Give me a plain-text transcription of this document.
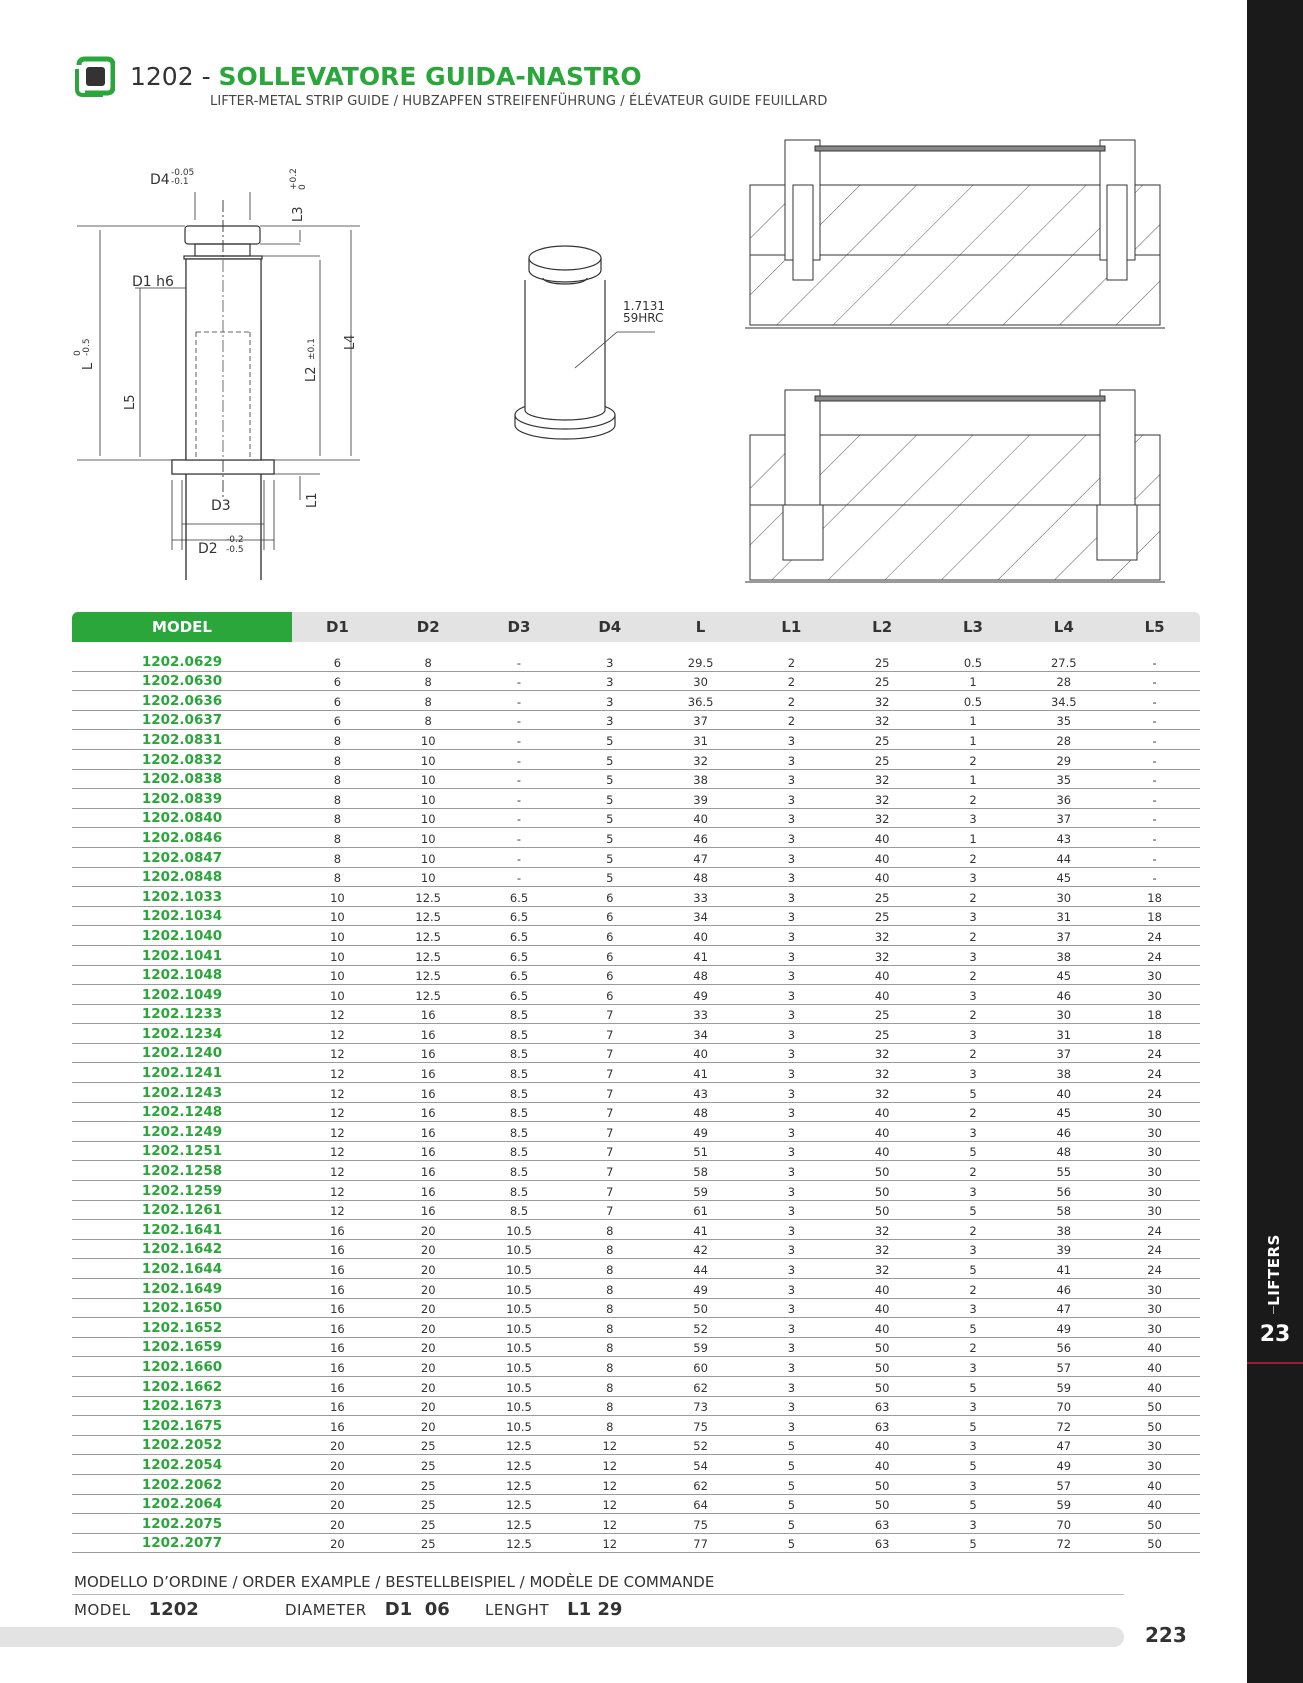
1202 - SOLLEVATORE GUIDA-NASTRO
LIFTER-METAL STRIP GUIDE / HUBZAPFEN STREIFENFÜHRUNG / ÉLÉVATEUR GUIDE FEUILLARD
D4 -0.05
-0.1
L3
+0.2 0
D1 h6
L
0 -0.5
L5
L2
±0.1 L4
L1
D3
D2
-0.2
-0.5
1.7131
59HRC
MODEL	D1	D2	D3	D4	L	L1	L2	L3	L4	L5
1202.0629	6	8	-	3	29.5	2	25	0.5	27.5	-
1202.0630	6	8	-	3	30	2	25	1	28	-
1202.0636	6	8	-	3	36.5	2	32	0.5	34.5	-
1202.0637	6	8	-	3	37	2	32	1	35	-
1202.0831	8	10	-	5	31	3	25	1	28	-
1202.0832	8	10	-	5	32	3	25	2	29	-
1202.0838	8	10	-	5	38	3	32	1	35	-
1202.0839	8	10	-	5	39	3	32	2	36	-
1202.0840	8	10	-	5	40	3	32	3	37	-
1202.0846	8	10	-	5	46	3	40	1	43	-
1202.0847	8	10	-	5	47	3	40	2	44	-
1202.0848	8	10	-	5	48	3	40	3	45	-
1202.1033	10	12.5	6.5	6	33	3	25	2	30	18
1202.1034	10	12.5	6.5	6	34	3	25	3	31	18
1202.1040	10	12.5	6.5	6	40	3	32	2	37	24
1202.1041	10	12.5	6.5	6	41	3	32	3	38	24
1202.1048	10	12.5	6.5	6	48	3	40	2	45	30
1202.1049	10	12.5	6.5	6	49	3	40	3	46	30
1202.1233	12	16	8.5	7	33	3	25	2	30	18
1202.1234	12	16	8.5	7	34	3	25	3	31	18
1202.1240	12	16	8.5	7	40	3	32	2	37	24
1202.1241	12	16	8.5	7	41	3	32	3	38	24
1202.1243	12	16	8.5	7	43	3	32	5	40	24
1202.1248	12	16	8.5	7	48	3	40	2	45	30
1202.1249	12	16	8.5	7	49	3	40	3	46	30
1202.1251	12	16	8.5	7	51	3	40	5	48	30
1202.1258	12	16	8.5	7	58	3	50	2	55	30
1202.1259	12	16	8.5	7	59	3	50	3	56	30
1202.1261	12	16	8.5	7	61	3	50	5	58	30
1202.1641	16	20	10.5	8	41	3	32	2	38	24
1202.1642	16	20	10.5	8	42	3	32	3	39	24
1202.1644	16	20	10.5	8	44	3	32	5	41	24
1202.1649	16	20	10.5	8	49	3	40	2	46	30
1202.1650	16	20	10.5	8	50	3	40	3	47	30
1202.1652	16	20	10.5	8	52	3	40	5	49	30
1202.1659	16	20	10.5	8	59	3	50	2	56	40
1202.1660	16	20	10.5	8	60	3	50	3	57	40
1202.1662	16	20	10.5	8	62	3	50	5	59	40
1202.1673	16	20	10.5	8	73	3	63	3	70	50
1202.1675	16	20	10.5	8	75	3	63	5	72	50
1202.2052	20	25	12.5	12	52	5	40	3	47	30
1202.2054	20	25	12.5	12	54	5	40	5	49	30
1202.2062	20	25	12.5	12	62	5	50	3	57	40
1202.2064	20	25	12.5	12	64	5	50	5	59	40
1202.2075	20	25	12.5	12	75	5	63	3	70	50
1202.2077	20	25	12.5	12	77	5	63	5	72	50
MODELLO D’ORDINE / ORDER EXAMPLE / BESTELLBEISPIEL / MODÈLE DE COMMANDE
MODEL 1202	DIAMETER D1  06 LENGHT L1 29
223
LIFTERS
23
